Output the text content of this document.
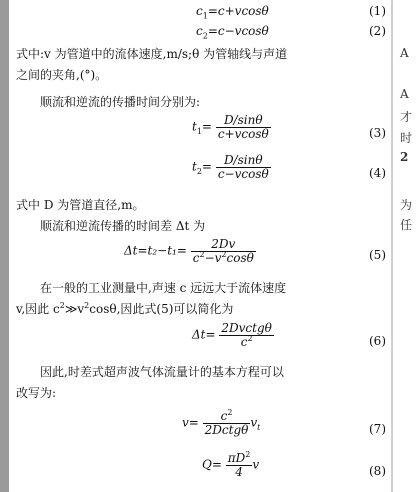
$c_1=c+vcos\theta$	(1)
$c_2=c-vcos\theta$	(2)
式中:v 为管道中的流体速度,m/s;θ 为管轴线与声道
之间的夹角,(°)。
顺流和逆流的传播时间分别为:
$t_1= \frac{D/\sin\theta}{c+vcos\theta}$	(3)
$t_2= \frac{D/\sin\theta}{c-vcos\theta}$	(4)
式中 D 为管道直径,m。
顺流和逆流传播的时间差 Δt 为
$\Delta t=t_2-t_1= \frac{2Dv}{c^2-v^2\cos\theta}$	(5)
在一般的工业测量中,声速 c 远远大于流体速度
v,因此 $c^2≫v^2\cos\theta$,因此式(5)可以简化为
$\Delta t= \frac{\text{2Dvctgθ}}{c^2}$	(6)
因此,时差式超声波气体流量计的基本方程可以
改写为:
$v= \frac{c^2}{\text{2Dctgθ}} v_t$	(7)
$Q= \frac{\pi D^2}{4}$ v	(8)
A
A
才
时
2
为
任
